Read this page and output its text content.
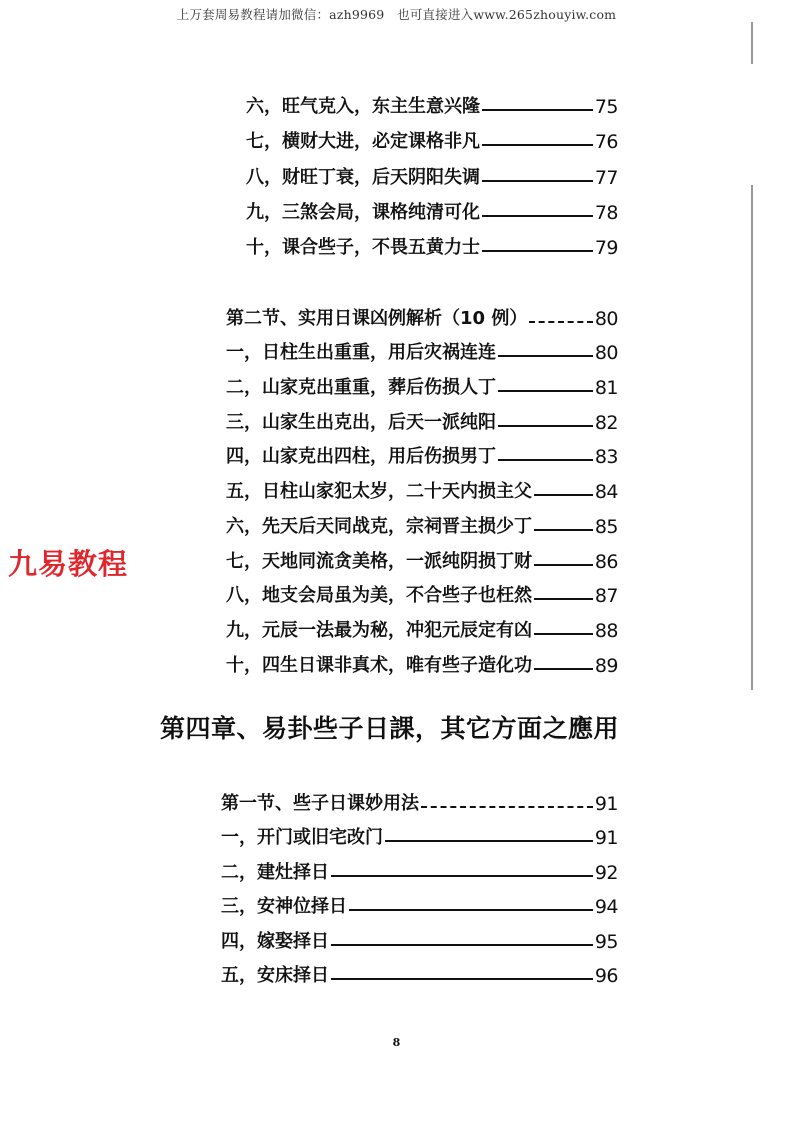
上万套周易教程请加微信：azh9969　也可直接进入www.265zhouyiw.com
九易教程
六，旺气克入，东主生意兴隆	75
七，横财大进，必定课格非凡	76
八，财旺丁衰，后天阴阳失调	77
九，三煞会局，课格纯清可化	78
十，课合些子，不畏五黄力士	79
第二节、实用日课凶例解析（10 例）	80
一，日柱生出重重，用后灾祸连连	80
二，山家克出重重，葬后伤损人丁	81
三，山家生出克出，后天一派纯阳	82
四，山家克出四柱，用后伤损男丁	83
五，日柱山家犯太岁，二十天内损主父	84
六，先天后天同战克，宗祠晋主损少丁	85
七，天地同流贪美格，一派纯阴损丁财	86
八，地支会局虽为美，不合些子也枉然	87
九，元辰一法最为秘，冲犯元辰定有凶	88
十，四生日课非真术，唯有些子造化功	89
第四章、易卦些子日課，其它方面之應用
第一节、些子日课妙用法	91
一，开门或旧宅改门	91
二，建灶择日	92
三，安神位择日	94
四，嫁娶择日	95
五，安床择日	96
8
